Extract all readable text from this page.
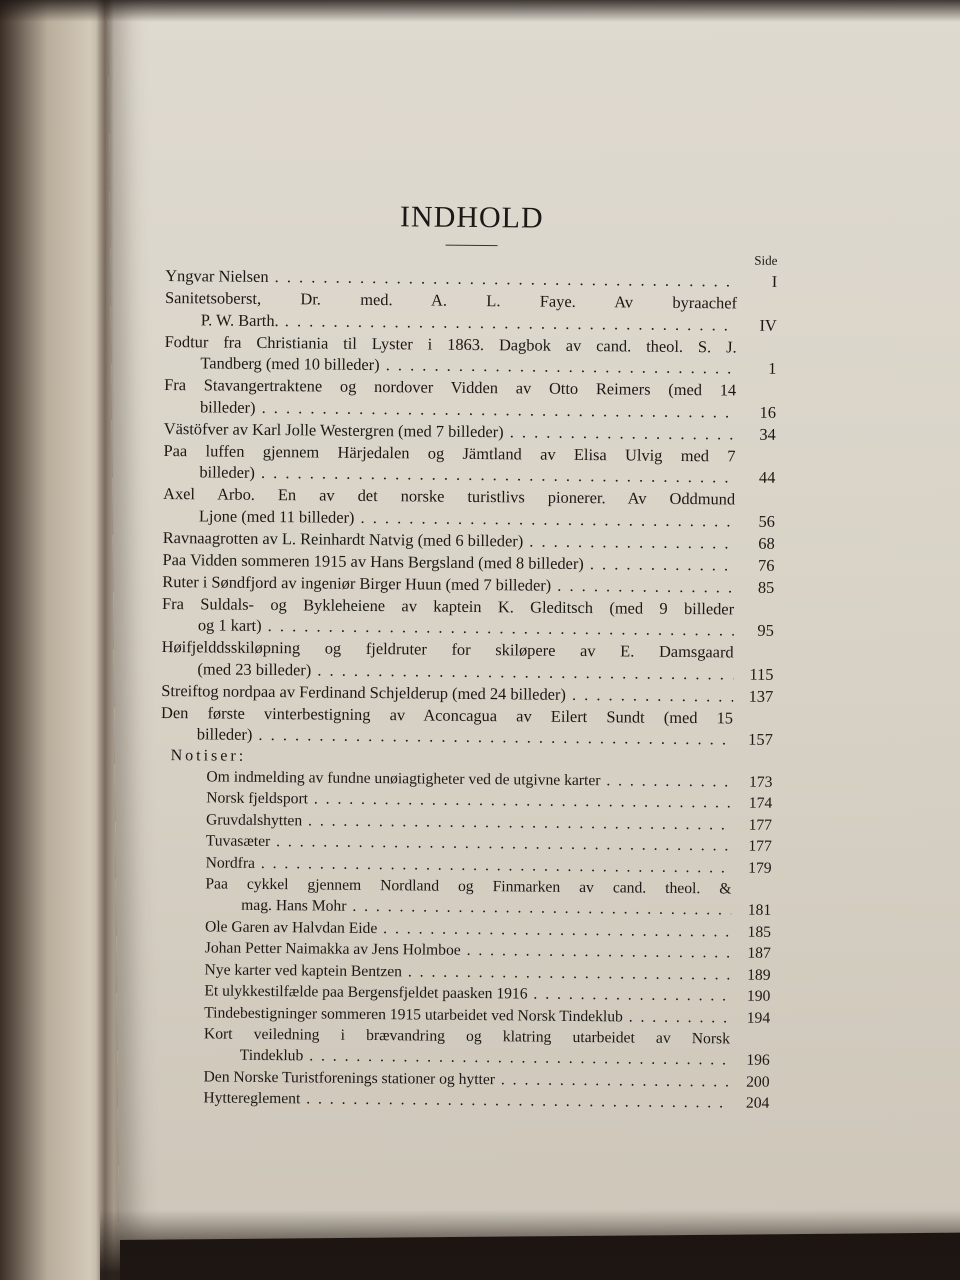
INDHOLD
Side
Yngvar Nielsen . . .	I
Sanitetsoberst, Dr. med. A. L. Faye. Av byraachef
P. W. Barth. . . .	IV
Fodtur fra Christiania til Lyster i 1863. Dagbok av cand. theol. S. J.
Tandberg (med 10 billeder) . . .	1
Fra Stavangertraktene og nordover Vidden av Otto Reimers (med 14
billeder) . . .	16
Västöfver av Karl Jolle Westergren (med 7 billeder) . . .	34
Paa luffen gjennem Härjedalen og Jämtland av Elisa Ulvig med 7
billeder) . . .	44
Axel Arbo. En av det norske turistlivs pionerer. Av Oddmund
Ljone (med 11 billeder) . . .	56
Ravnaagrotten av L. Reinhardt Natvig (med 6 billeder) . . .	68
Paa Vidden sommeren 1915 av Hans Bergsland (med 8 billeder) . . .	76
Ruter i Søndfjord av ingeniør Birger Huun (med 7 billeder) . . .	85
Fra Suldals- og Bykleheiene av kaptein K. Gleditsch (med 9 billeder
og 1 kart) . . .	95
Høifjelddsskiløpning og fjeldruter for skiløpere av E. Damsgaard
(med 23 billeder) . . .	115
Streiftog nordpaa av Ferdinand Schjelderup (med 24 billeder) . . .	137
Den første vinterbestigning av Aconcagua av Eilert Sundt (med 15
billeder) . . .	157
Notiser:
Om indmelding av fundne unøiagtigheter ved de utgivne karter . . .	173
Norsk fjeldsport . . .	174
Gruvdalshytten . . .	177
Tuvasæter . . .	177
Nordfra . . .	179
Paa cykkel gjennem Nordland og Finmarken av cand. theol. &
mag. Hans Mohr . . .	181
Ole Garen av Halvdan Eide . . .	185
Johan Petter Naimakka av Jens Holmboe . . .	187
Nye karter ved kaptein Bentzen . . .	189
Et ulykkestilfælde paa Bergensfjeldet paasken 1916 . . .	190
Tindebestigninger sommeren 1915 utarbeidet ved Norsk Tindeklub . . .	194
Kort veiledning i brævandring og klatring utarbeidet av Norsk
Tindeklub . . .	196
Den Norske Turistforenings stationer og hytter . . .	200
Hyttereglement . . .	204
